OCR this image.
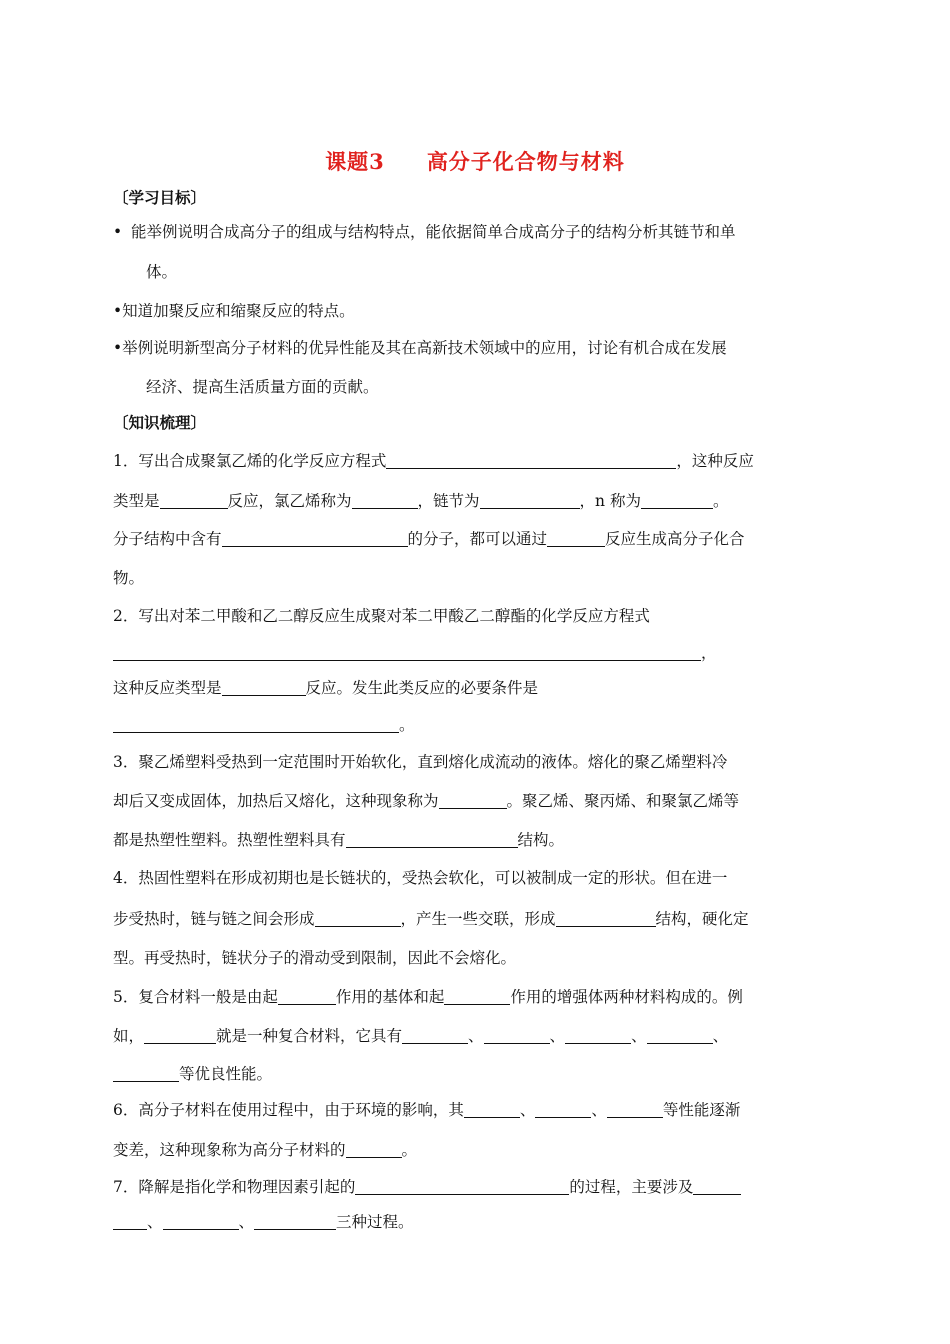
课题3 高分子化合物与材料
〔学习目标〕
• 能举例说明合成高分子的组成与结构特点，能依据简单合成高分子的结构分析其链节和单
体。
•知道加聚反应和缩聚反应的特点。
•举例说明新型高分子材料的优异性能及其在高新技术领域中的应用，讨论有机合成在发展
经济、提高生活质量方面的贡献。
〔知识梳理〕
1．写出合成聚氯乙烯的化学反应方程式	，这种反应
类型是	反应，氯乙烯称为	，链节为	，n 称为	。
分子结构中含有	的分子，都可以通过	反应生成高分子化合
物。
2．写出对苯二甲酸和乙二醇反应生成聚对苯二甲酸乙二醇酯的化学反应方程式
，
这种反应类型是	反应。发生此类反应的必要条件是
。
3．聚乙烯塑料受热到一定范围时开始软化，直到熔化成流动的液体。熔化的聚乙烯塑料冷
却后又变成固体，加热后又熔化，这种现象称为	。聚乙烯、聚丙烯、和聚氯乙烯等
都是热塑性塑料。热塑性塑料具有	结构。
4．热固性塑料在形成初期也是长链状的，受热会软化，可以被制成一定的形状。但在进一
步受热时，链与链之间会形成	，产生一些交联，形成	结构，硬化定
型。再受热时，链状分子的滑动受到限制，因此不会熔化。
5．复合材料一般是由起	作用的基体和起	作用的增强体两种材料构成的。例
如，	就是一种复合材料，它具有	、	、	、	、
等优良性能。
6．高分子材料在使用过程中，由于环境的影响，其	、	、	等性能逐渐
变差，这种现象称为高分子材料的	。
7．降解是指化学和物理因素引起的	的过程，主要涉及
、	、	三种过程。
